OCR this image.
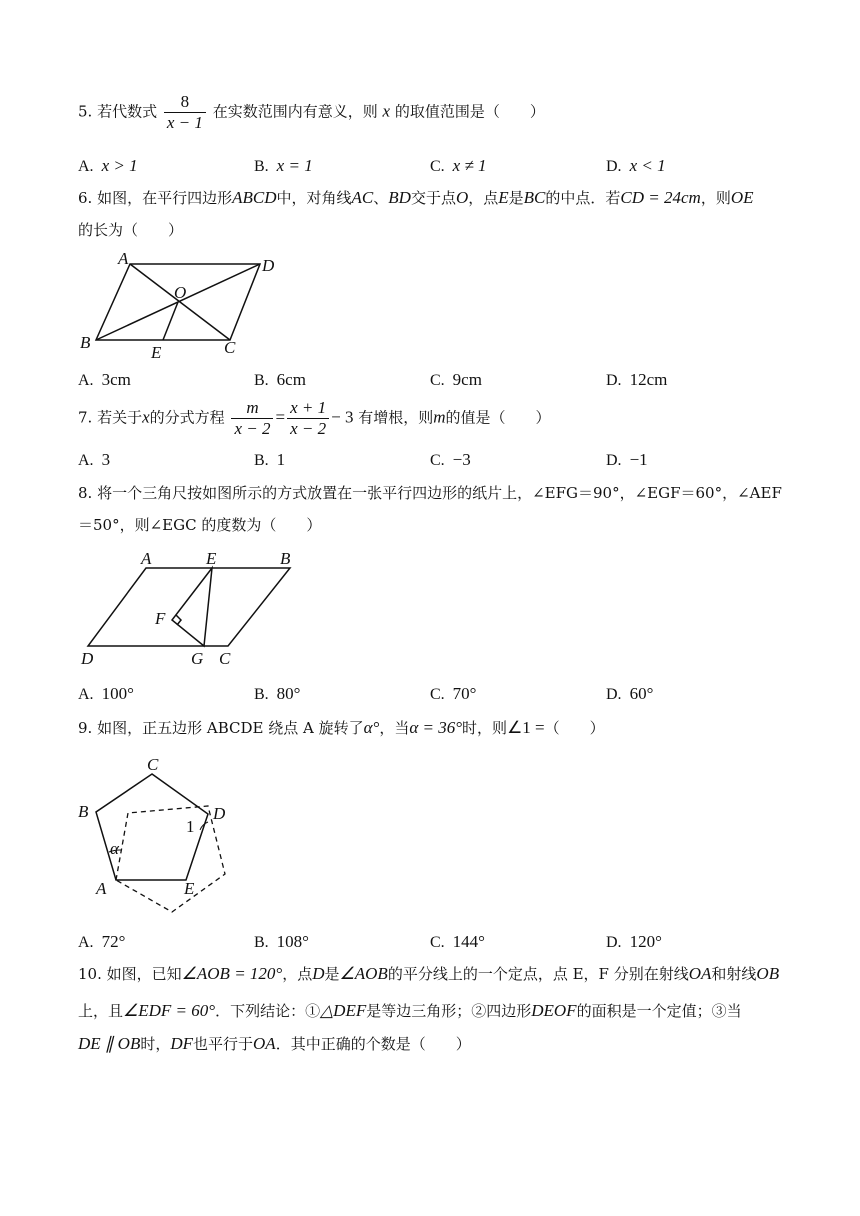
5. 若代数式 $\frac{8}{x - 1}$ 在实数范围内有意义，则 x 的取值范围是（　　）
A. x > 1	B. x = 1	C. x ≠ 1	D. x < 1
6. 如图，在平行四边形ABCD中，对角线AC、BD交于点O，点E是BC的中点．若CD = 24cm，则OE
的长为（　　）
A	D
O
B
E	C
A. 3cm	B. 6cm	C. 9cm	D. 12cm
7. 若关于x的分式方程 $\frac{m}{x - 2} = \frac{x + 1}{x - 2} - 3$ 有增根，则m的值是（　　）
A. 3	B. 1	C. −3	D. −1
8. 将一个三角尺按如图所示的方式放置在一张平行四边形的纸片上，∠EFG＝90°，∠EGF＝60°，∠AEF
＝50°，则∠EGC 的度数为（　　）
A	E	B
F
D	G C
A. 100°	B. 80°	C. 70°	D. 60°
9. 如图，正五边形 ABCDE 绕点 A 旋转了α°，当α = 36°时，则∠1 =（　　）
C
B	D
1
α
A	E
A. 72°	B. 108°	C. 144°	D. 120°
10. 如图，已知∠AOB = 120°，点D是∠AOB的平分线上的一个定点，点 E，F 分别在射线OA和射线OB
上，且∠EDF = 60°．下列结论：①△DEF是等边三角形；②四边形DEOF的面积是一个定值；③当
DE ∥ OB时，DF也平行于OA．其中正确的个数是（　　）
